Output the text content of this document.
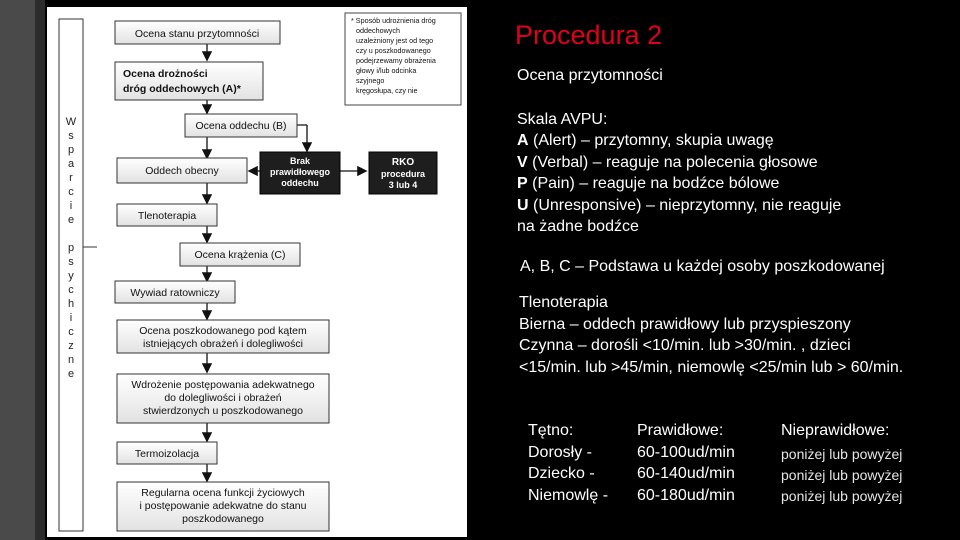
W
s
p
a
r
c
i
e
p
s
y
c
h
i
c
z
n
e
Ocena stanu przytomności
Ocena drożności
dróg oddechowych (A)*
Ocena oddechu (B)
Oddech obecny
Brak
prawidłowego
oddechu
RKO
procedura
3 lub 4
Tlenoterapia
Ocena krążenia (C)
Wywiad ratowniczy
Ocena poszkodowanego pod kątem
istniejących obrażeń i dolegliwości
Wdrożenie postępowania adekwatnego
do dolegliwości i obrażeń
stwierdzonych u poszkodowanego
Termoizolacja
Regularna ocena funkcji życiowych
i postępowanie adekwatne do stanu
poszkodowanego
* Sposób udrożnienia dróg
oddechowych
uzależniony jest od tego
czy u poszkodowanego
podejrzewamy obrażenia
głowy i/lub odcinka
szyjnego
kręgosłupa, czy nie
Procedura 2
Ocena przytomności
Skala AVPU:
A (Alert) – przytomny, skupia uwagę
V (Verbal) – reaguje na polecenia głosowe
P (Pain) – reaguje na bodźce bólowe
U (Unresponsive) – nieprzytomny, nie reaguje
na żadne bodźce
A, B, C – Podstawa u każdej osoby poszkodowanej
Tlenoterapia
Bierna – oddech prawidłowy lub przyspieszony
Czynna – dorośli <10/min. lub >30/min. , dzieci
<15/min. lub >45/min, niemowlę <25/min lub > 60/min.
Tętno:
Dorosły -
Dziecko -
Niemowlę -
Prawidłowe:
60-100ud/min
60-140ud/min
60-180ud/min
Nieprawidłowe:
poniżej lub powyżej
poniżej lub powyżej
poniżej lub powyżej
